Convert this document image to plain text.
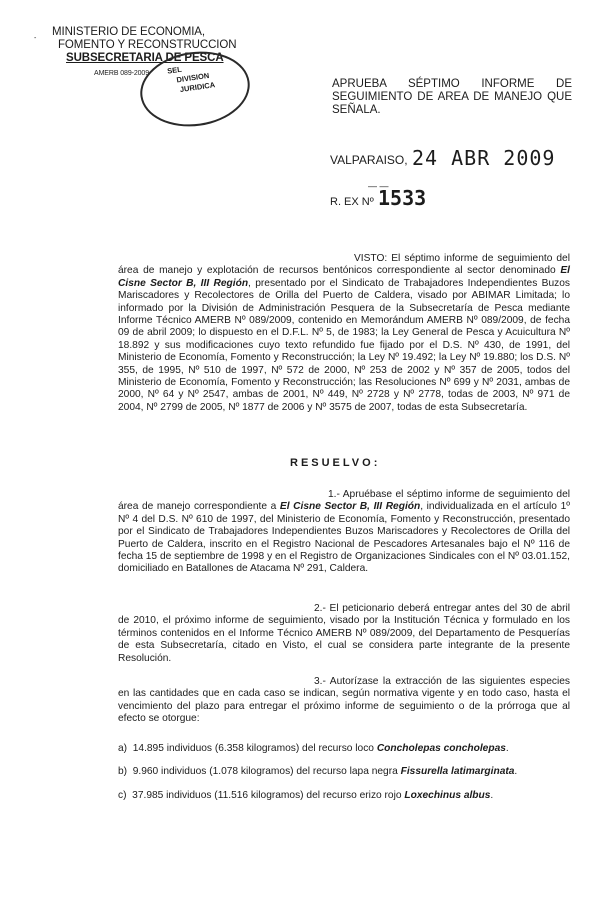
-
MINISTERIO DE ECONOMIA,
FOMENTO Y RECONSTRUCCION
SUBSECRETARIA DE PESCA
AMERB 089-2009 SEL
DIVISION
JURIDICA	APRUEBA SÉPTIMO INFORME DE SEGUIMIENTO DE AREA DE MANEJO QUE SEÑALA.
VALPARAISO, 24 ABR 2009
— —
R. EX Nº 1533
VISTO: El séptimo informe de seguimiento del área de manejo y explotación de recursos bentónicos correspondiente al sector denominado El Cisne Sector B, III Región, presentado por el Sindicato de Trabajadores Independientes Buzos Mariscadores y Recolectores de Orilla del Puerto de Caldera, visado por ABIMAR Limitada; lo informado por la División de Administración Pesquera de la Subsecretaría de Pesca mediante Informe Técnico AMERB Nº 089/2009, contenido en Memorándum AMERB Nº 089/2009, de fecha 09 de abril 2009; lo dispuesto en el D.F.L. Nº 5, de 1983; la Ley General de Pesca y Acuicultura Nº 18.892 y sus modificaciones cuyo texto refundido fue fijado por el D.S. Nº 430, de 1991, del Ministerio de Economía, Fomento y Reconstrucción; la Ley Nº 19.492; la Ley Nº 19.880; los D.S. Nº 355, de 1995, Nº 510 de 1997, Nº 572 de 2000, Nº 253 de 2002 y Nº 357 de 2005, todos del Ministerio de Economía, Fomento y Reconstrucción; las Resoluciones Nº 699 y Nº 2031, ambas de 2000, Nº 64 y Nº 2547, ambas de 2001, Nº 449, Nº 2728 y Nº 2778, todas de 2003, Nº 971 de 2004, Nº 2799 de 2005, Nº 1877 de 2006 y Nº 3575 de 2007, todas de esta Subsecretaría.
RESUELVO:
1.- Apruébase el séptimo informe de seguimiento del área de manejo correspondiente a El Cisne Sector B, III Región, individualizada en el artículo 1º Nº 4 del D.S. Nº 610 de 1997, del Ministerio de Economía, Fomento y Reconstrucción, presentado por el Sindicato de Trabajadores Independientes Buzos Mariscadores y Recolectores de Orilla del Puerto de Caldera, inscrito en el Registro Nacional de Pescadores Artesanales bajo el Nº 116 de fecha 15 de septiembre de 1998 y en el Registro de Organizaciones Sindicales con el Nº 03.01.152, domiciliado en Batallones de Atacama Nº 291, Caldera.
2.- El peticionario deberá entregar antes del 30 de abril de 2010, el próximo informe de seguimiento, visado por la Institución Técnica y formulado en los términos contenidos en el Informe Técnico AMERB Nº 089/2009, del Departamento de Pesquerías de esta Subsecretaría, citado en Visto, el cual se considera parte integrante de la presente Resolución.
3.- Autorízase la extracción de las siguientes especies en las cantidades que en cada caso se indican, según normativa vigente y en todo caso, hasta el vencimiento del plazo para entregar el próximo informe de seguimiento o de la prórroga que al efecto se otorgue:
a) 14.895 individuos (6.358 kilogramos) del recurso loco Concholepas concholepas.
b) 9.960 individuos (1.078 kilogramos) del recurso lapa negra Fissurella latimarginata.
c) 37.985 individuos (11.516 kilogramos) del recurso erizo rojo Loxechinus albus.
